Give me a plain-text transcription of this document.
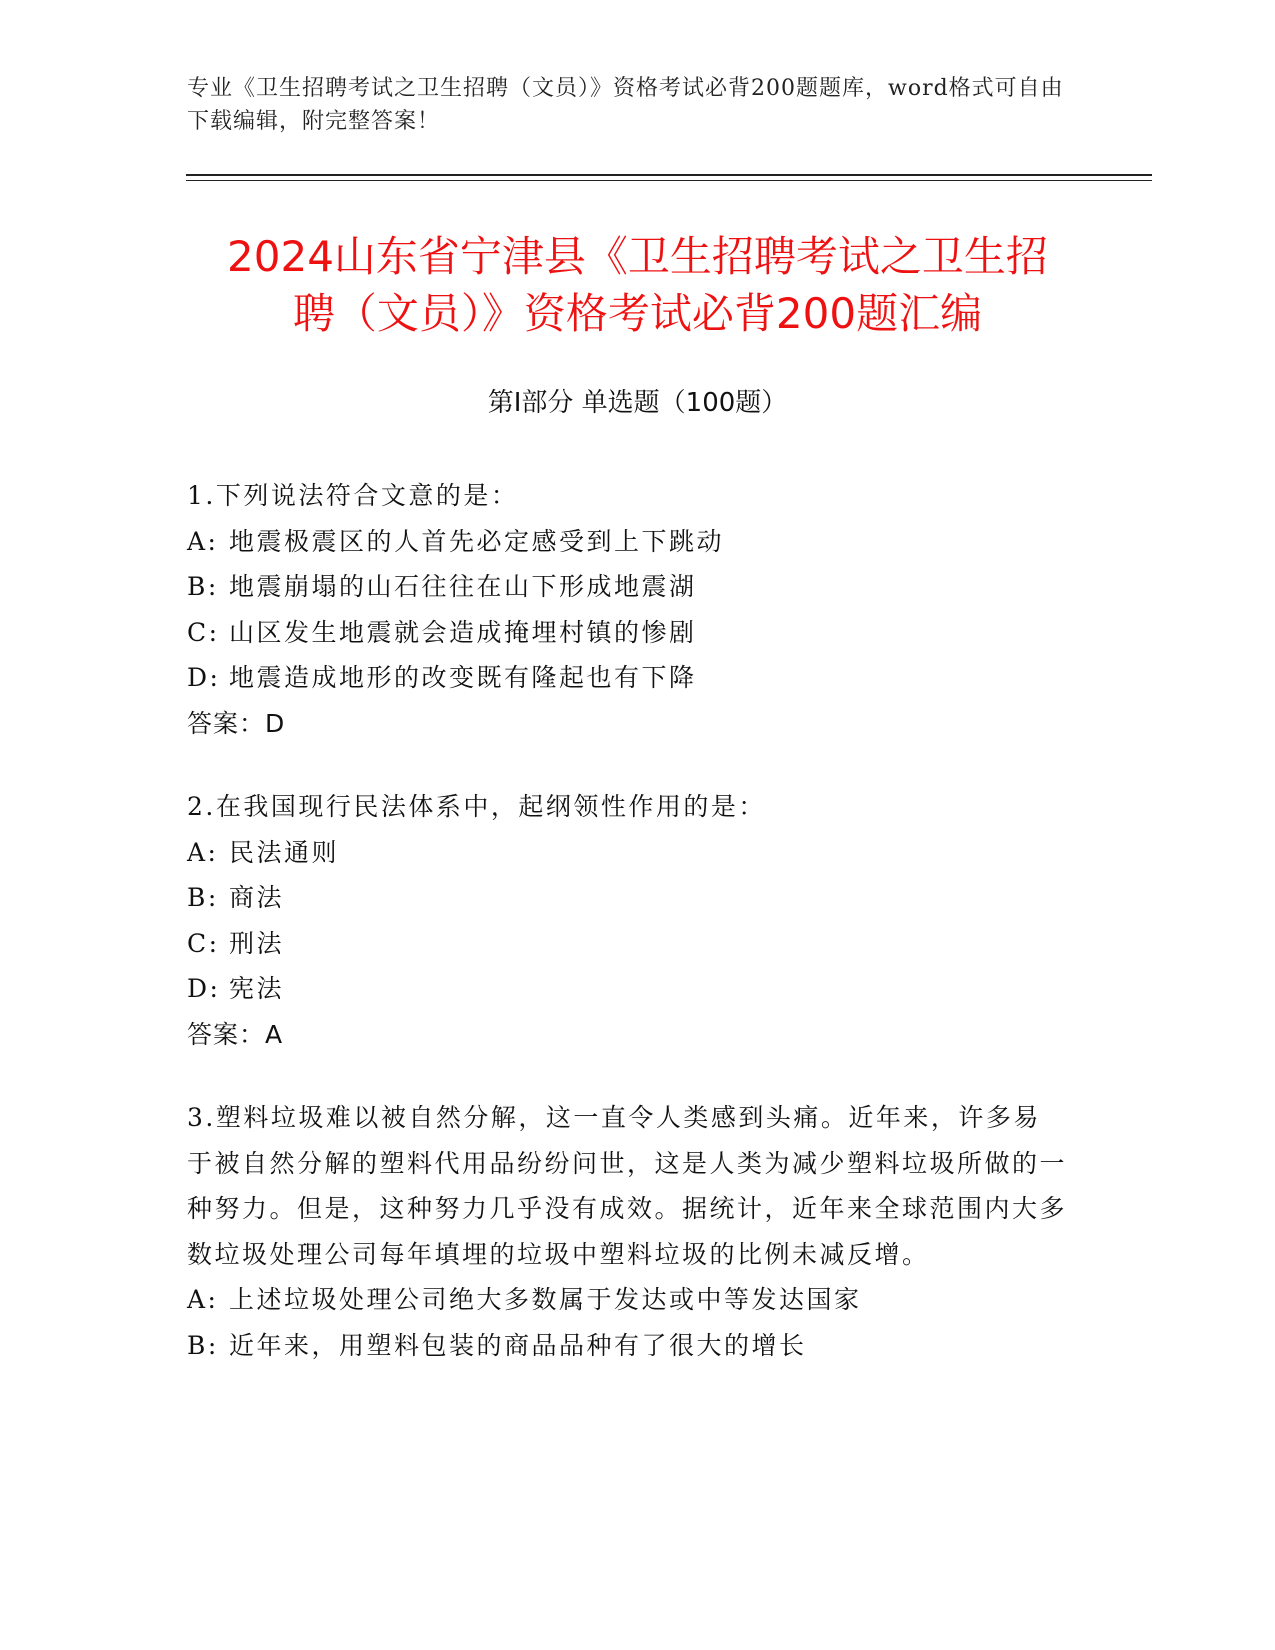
专业《卫生招聘考试之卫生招聘（文员）》资格考试必背200题题库，word格式可自由下载编辑，附完整答案！
2024山东省宁津县《卫生招聘考试之卫生招
聘（文员）》资格考试必背200题汇编
第Ⅰ部分 单选题（100题）
1.下列说法符合文意的是：
A: 地震极震区的人首先必定感受到上下跳动
B: 地震崩塌的山石往往在山下形成地震湖
C: 山区发生地震就会造成掩埋村镇的惨剧
D: 地震造成地形的改变既有隆起也有下降
答案：D
2.在我国现行民法体系中，起纲领性作用的是：
A: 民法通则
B: 商法
C: 刑法
D: 宪法
答案：A
3.塑料垃圾难以被自然分解，这一直令人类感到头痛。近年来，许多易于被自然分解的塑料代用品纷纷问世，这是人类为减少塑料垃圾所做的一种努力。但是，这种努力几乎没有成效。据统计，近年来全球范围内大多数垃圾处理公司每年填埋的垃圾中塑料垃圾的比例未减反增。
A: 上述垃圾处理公司绝大多数属于发达或中等发达国家
B: 近年来，用塑料包装的商品品种有了很大的增长
